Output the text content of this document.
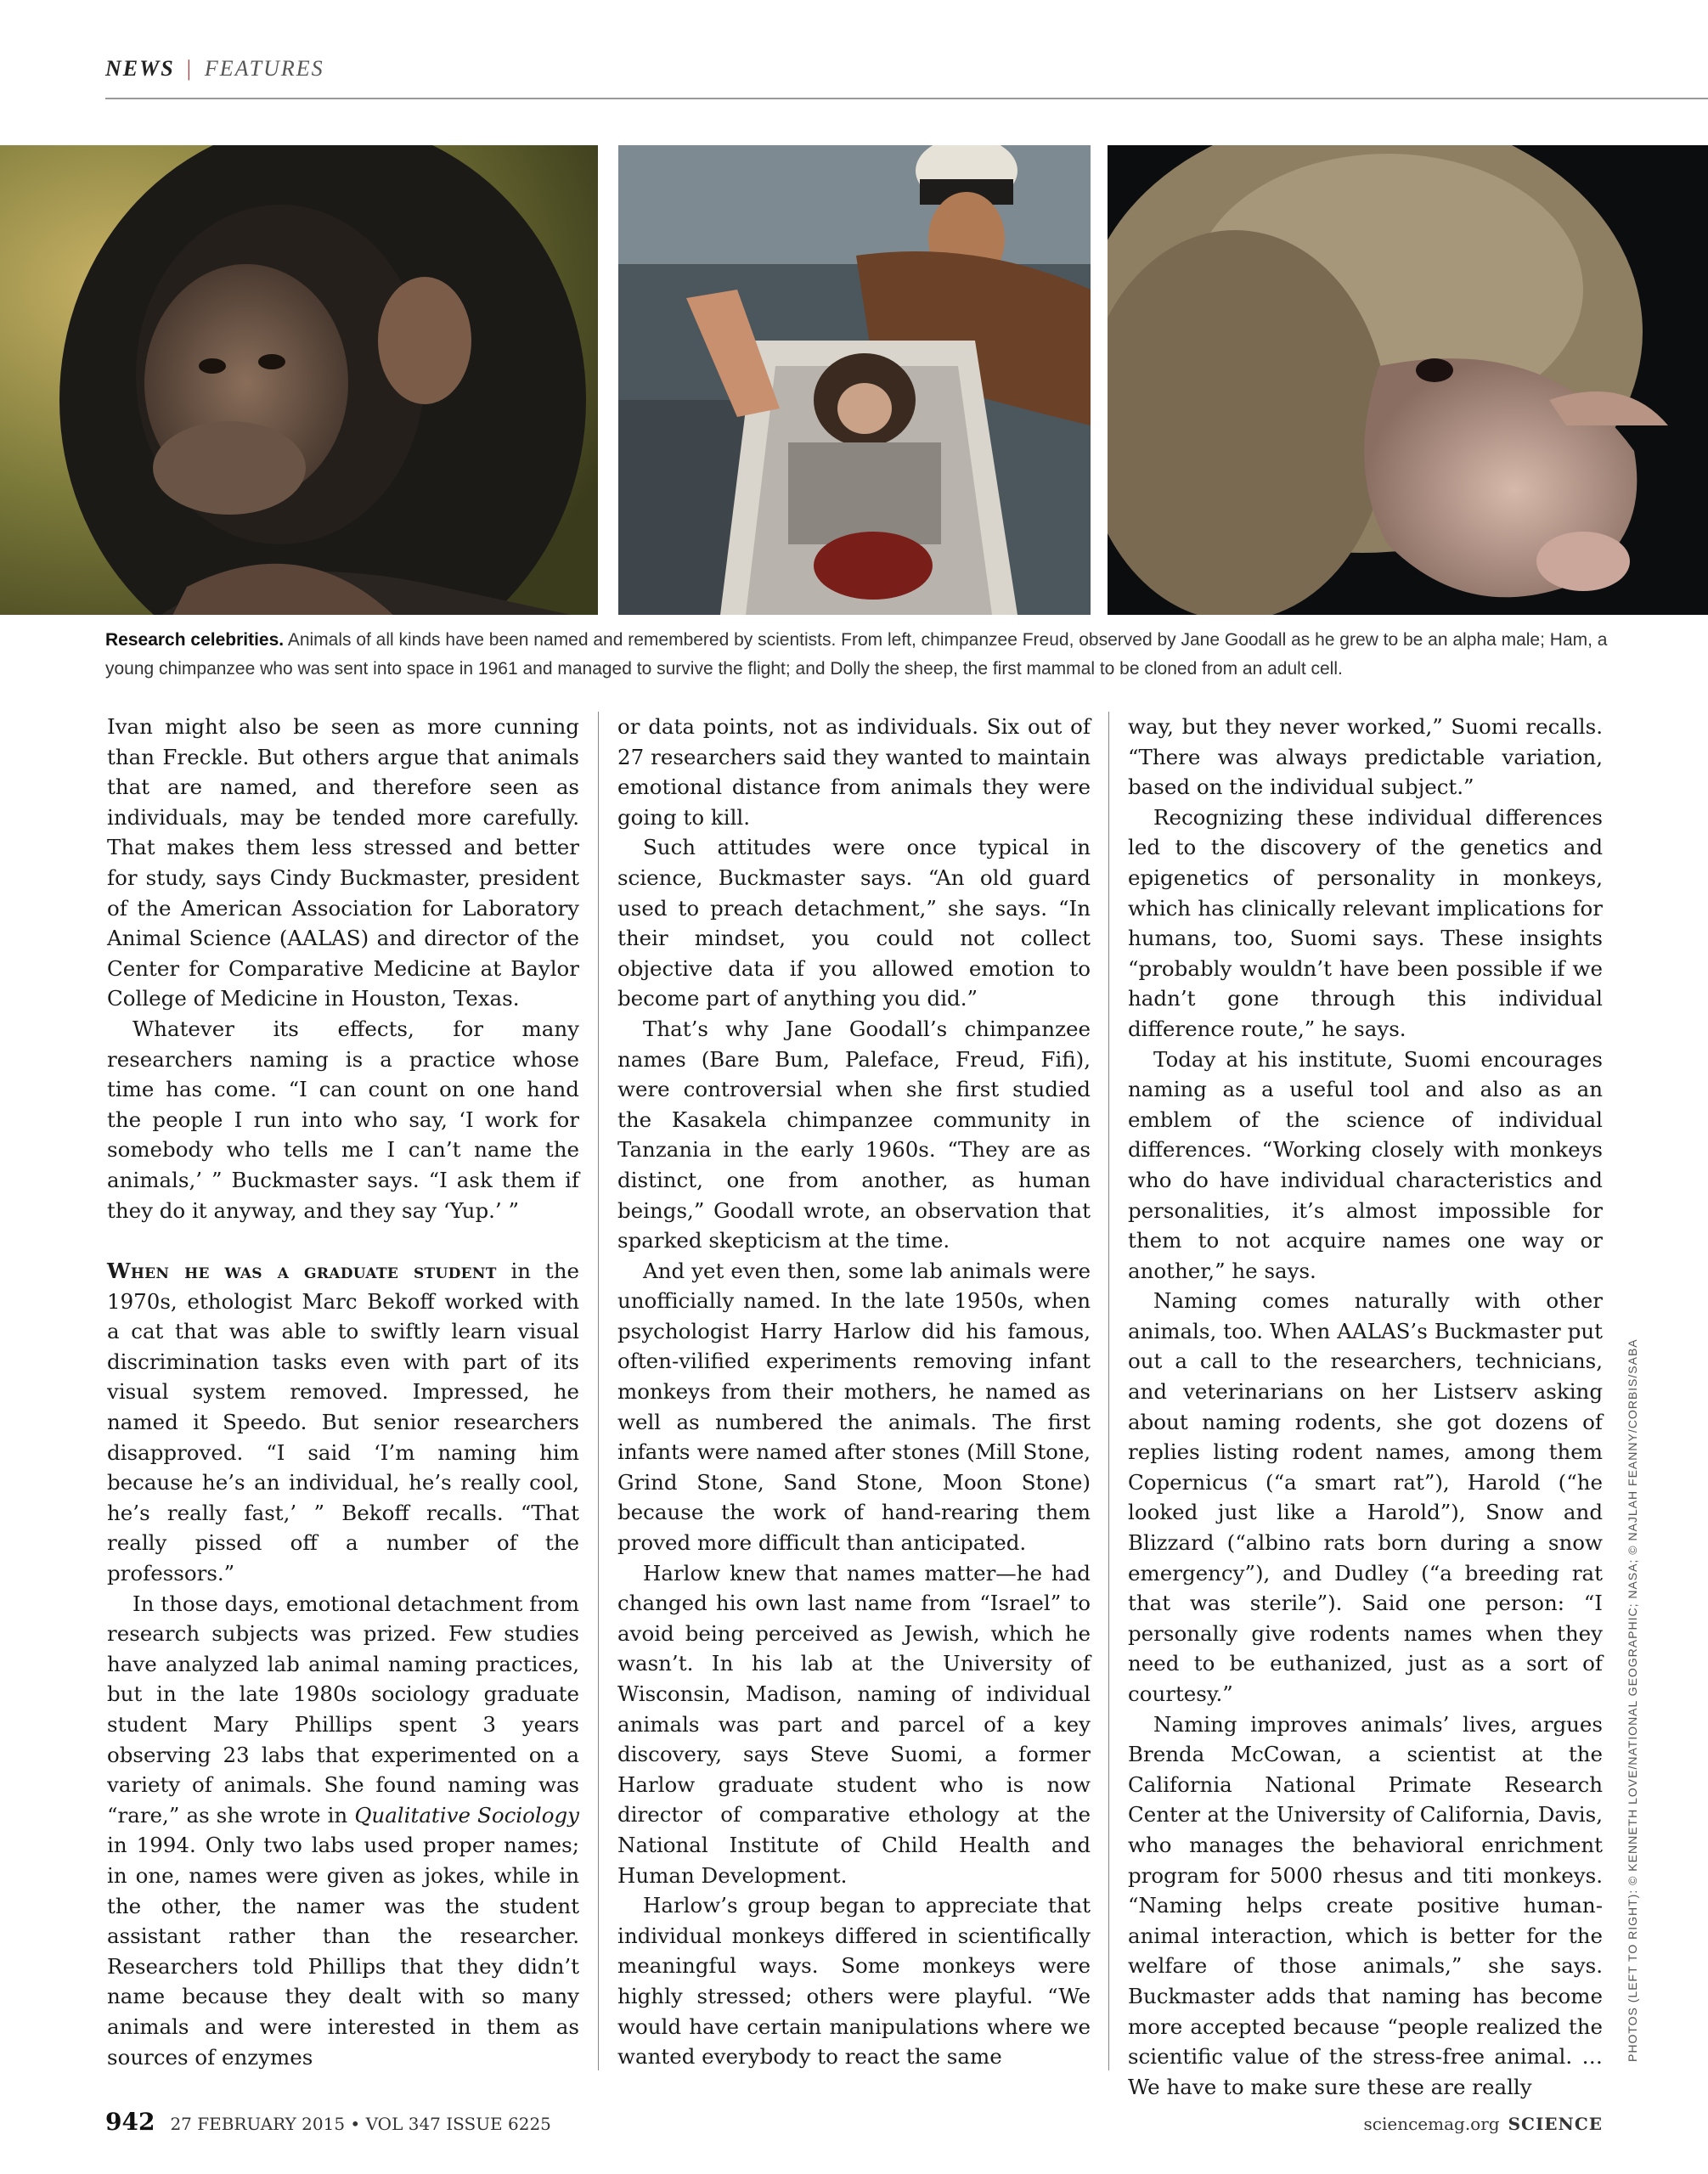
NEWS | FEATURES
Research celebrities. Animals of all kinds have been named and remembered by scientists. From left, chimpanzee Freud, observed by Jane Goodall as he grew to be an alpha male; Ham, a young chimpanzee who was sent into space in 1961 and managed to survive the flight; and Dolly the sheep, the first mammal to be cloned from an adult cell.

Ivan might also be seen as more cunning than Freckle. But others argue that animals that are named, and therefore seen as individuals, may be tended more carefully. That makes them less stressed and better for study, says Cindy Buckmaster, president of the American Association for Laboratory Animal Science (AALAS) and director of the Center for Comparative Medicine at Baylor College of Medicine in Houston, Texas.

Whatever its effects, for many researchers naming is a practice whose time has come. “I can count on one hand the people I run into who say, ‘I work for somebody who tells me I can’t name the animals,’ ” Buckmaster says. “I ask them if they do it anyway, and they say ‘Yup.’ ”

When he was a graduate student in the 1970s, ethologist Marc Bekoff worked with a cat that was able to swiftly learn visual discrimination tasks even with part of its visual system removed. Impressed, he named it Speedo. But senior researchers disapproved. “I said ‘I’m naming him because he’s an individual, he’s really cool, he’s really fast,’ ” Bekoff recalls. “That really pissed off a number of the professors.”

In those days, emotional detachment from research subjects was prized. Few studies have analyzed lab animal naming practices, but in the late 1980s sociology graduate student Mary Phillips spent 3 years observing 23 labs that experimented on a variety of animals. She found naming was “rare,” as she wrote in Qualitative Sociology in 1994. Only two labs used proper names; in one, names were given as jokes, while in the other, the namer was the student assistant rather than the researcher. Researchers told Phillips that they didn’t name because they dealt with so many animals and were interested in them as sources of enzymes

or data points, not as individuals. Six out of 27 researchers said they wanted to maintain emotional distance from animals they were going to kill.

Such attitudes were once typical in science, Buckmaster says. “An old guard used to preach detachment,” she says. “In their mindset, you could not collect objective data if you allowed emotion to become part of anything you did.”

That’s why Jane Goodall’s chimpanzee names (Bare Bum, Paleface, Freud, Fifi), were controversial when she first studied the Kasakela chimpanzee community in Tanzania in the early 1960s. “They are as distinct, one from another, as human beings,” Goodall wrote, an observation that sparked skepticism at the time.

And yet even then, some lab animals were unofficially named. In the late 1950s, when psychologist Harry Harlow did his famous, often-vilified experiments removing infant monkeys from their mothers, he named as well as numbered the animals. The first infants were named after stones (Mill Stone, Grind Stone, Sand Stone, Moon Stone) because the work of hand-rearing them proved more difficult than anticipated.

Harlow knew that names matter—he had changed his own last name from “Israel” to avoid being perceived as Jewish, which he wasn’t. In his lab at the University of Wisconsin, Madison, naming of individual animals was part and parcel of a key discovery, says Steve Suomi, a former Harlow graduate student who is now director of comparative ethology at the National Institute of Child Health and Human Development.

Harlow’s group began to appreciate that individual monkeys differed in scientifically meaningful ways. Some monkeys were highly stressed; others were playful. “We would have certain manipulations where we wanted everybody to react the same

way, but they never worked,” Suomi recalls. “There was always predictable variation, based on the individual subject.”

Recognizing these individual differences led to the discovery of the genetics and epigenetics of personality in monkeys, which has clinically relevant implications for humans, too, Suomi says. These insights “probably wouldn’t have been possible if we hadn’t gone through this individual difference route,” he says.

Today at his institute, Suomi encourages naming as a useful tool and also as an emblem of the science of individual differences. “Working closely with monkeys who do have individual characteristics and personalities, it’s almost impossible for them to not acquire names one way or another,” he says.

Naming comes naturally with other animals, too. When AALAS’s Buckmaster put out a call to the researchers, technicians, and veterinarians on her Listserv asking about naming rodents, she got dozens of replies listing rodent names, among them Copernicus (“a smart rat”), Harold (“he looked just like a Harold”), Snow and Blizzard (“albino rats born during a snow emergency”), and Dudley (“a breeding rat that was sterile”). Said one person: “I personally give rodents names when they need to be euthanized, just as a sort of courtesy.”

Naming improves animals’ lives, argues Brenda McCowan, a scientist at the California National Primate Research Center at the University of California, Davis, who manages the behavioral enrichment program for 5000 rhesus and titi monkeys. “Naming helps create positive human-animal interaction, which is better for the welfare of those animals,” she says. Buckmaster adds that naming has become more accepted because “people realized the scientific value of the stress-free animal. … We have to make sure these are really

PHOTOS (LEFT TO RIGHT): © KENNETH LOVE/NATIONAL GEOGRAPHIC; NASA; © NAJLAH FEANNY/CORBIS/SABA
942 27 FEBRUARY 2015 • VOL 347 ISSUE 6225	sciencemag.org SCIENCE
